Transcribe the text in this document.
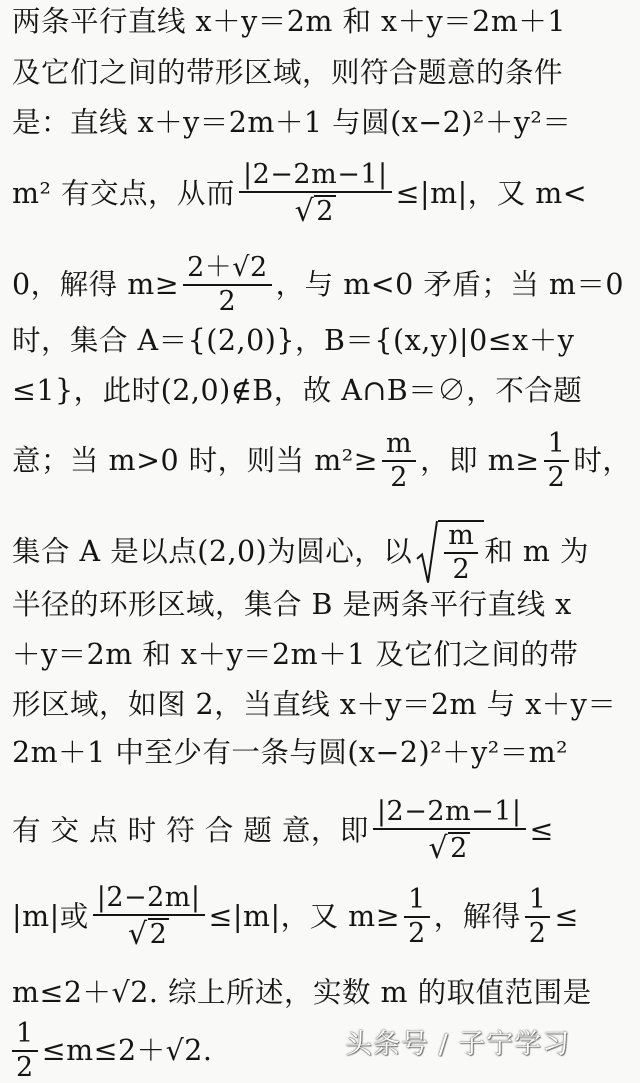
两条平行直线 x＋y＝2m 和 x＋y＝2m＋1
及它们之间的带形区域，则符合题意的条件
是：直线 x＋y＝2m＋1 与圆(x−2)²＋y²＝
m² 有交点，从而 $\frac{|2-2m-1|}{√ 2} \le|m|$，又 m<
0，解得 $m\ge \frac{2+√2}{2}$ ，与 m<0 矛盾；当 m＝0
时，集合 A＝{(2,0)}，B＝{(x,y)|0≤x＋y
≤1}，此时(2,0)∉B，故 A∩B＝∅，不合题
意；当 m>0 时，则当 $m^2\ge \frac{m}{2}$ ，即 $m\ge \frac{1}{2}$ 时，
集合 A 是以点(2,0)为圆心，以 $\frac{m}{2}$ 和 m 为
半径的环形区域，集合 B 是两条平行直线 x
＋y＝2m 和 x＋y＝2m＋1 及它们之间的带
形区域，如图 2，当直线 x＋y＝2m 与 x＋y＝
2m＋1 中至少有一条与圆(x−2)²＋y²＝m²
有 交 点 时 符 合 题 意，即 $\frac{|2-2m-1|}{√ 2}$ ≤
|m|或 $\frac{|2-2m|}{√ 2} \le|m|$，又 $m\ge \frac{1}{2}$ ，解得 $\frac{1}{2}$ ≤
m≤2＋√2. 综上所述，实数 m 的取值范围是
$\frac{1}{2} \le m\le 2+√2$.	头条号 / 子宁学习
